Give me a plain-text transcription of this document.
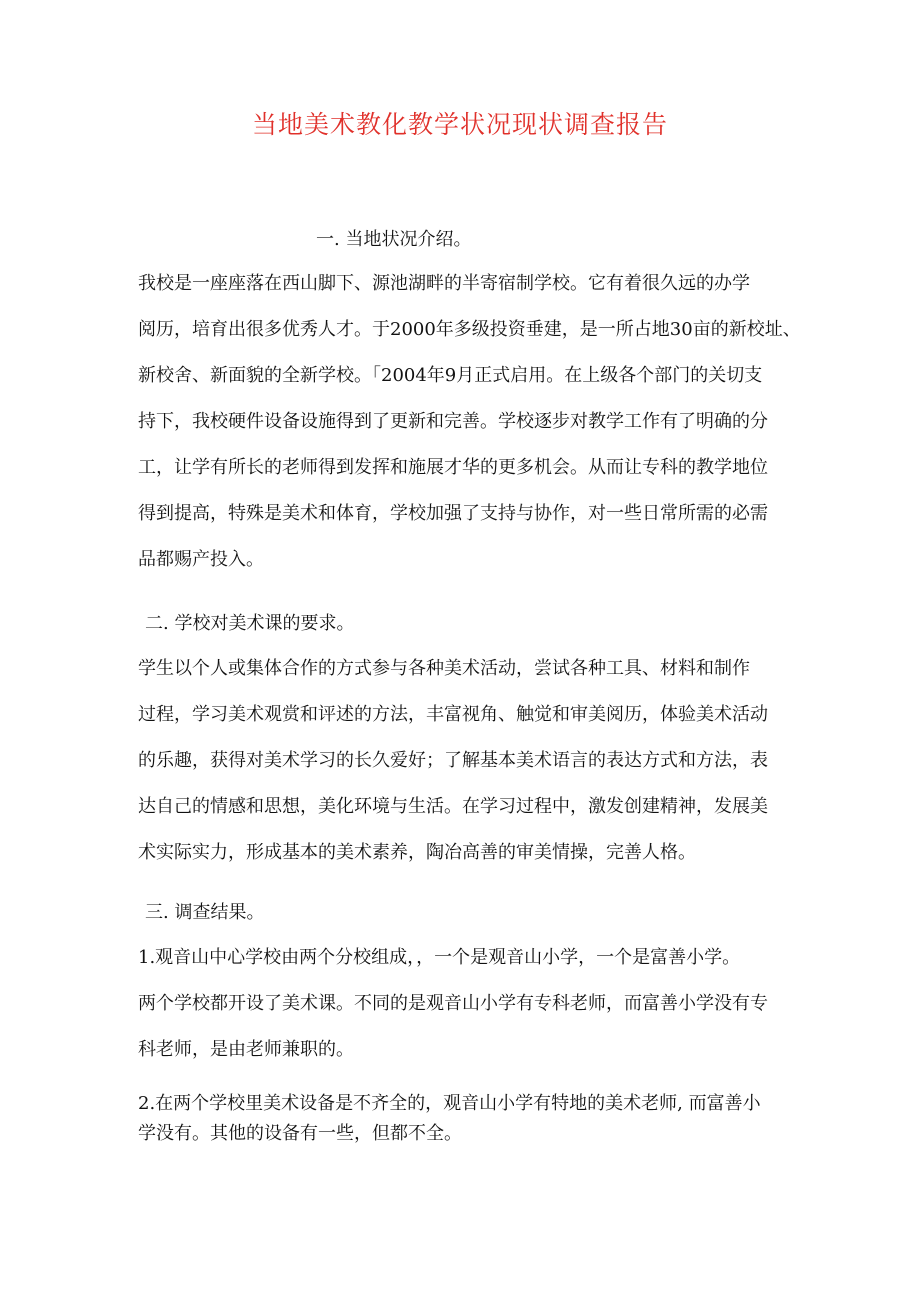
当地美术教化教学状况现状调查报告
一. 当地状况介绍。
我校是一座座落在西山脚下、源池湖畔的半寄宿制学校。它有着很久远的办学
阅历，培育出很多优秀人才。于2000年多级投资垂建，是一所占地30亩的新校址、
新校舍、新面貌的全新学校。「2004年9月正式启用。在上级各个部门的关切支
持下，我校硬件设备设施得到了更新和完善。学校逐步对教学工作有了明确的分
工，让学有所长的老师得到发挥和施展才华的更多机会。从而让专科的教学地位
得到提高，特殊是美术和体育，学校加强了支持与协作，对一些日常所需的必需
品都赐产投入。
二. 学校对美术课的要求。
学生以个人或集体合作的方式参与各种美术活动，尝试各种工具、材料和制作
过程，学习美术观赏和评述的方法，丰富视角、触觉和审美阅历，体验美术活动
的乐趣，获得对美术学习的长久爱好；了解基本美术语言的表达方式和方法，表
达自己的情感和思想，美化环境与生活。在学习过程中，激发创建精神，发展美
术实际实力，形成基本的美术素养，陶冶高善的审美情操，完善人格。
三. 调查结果。
1.观音山中心学校由两个分校组成，，一个是观音山小学，一个是富善小学。
两个学校都开设了美术课。不同的是观音山小学有专科老师，而富善小学没有专
科老师，是由老师兼职的。
2.在两个学校里美术设备是不齐全的，观音山小学有特地的美术老师, 而富善小
学没有。其他的设备有一些，但都不全。
